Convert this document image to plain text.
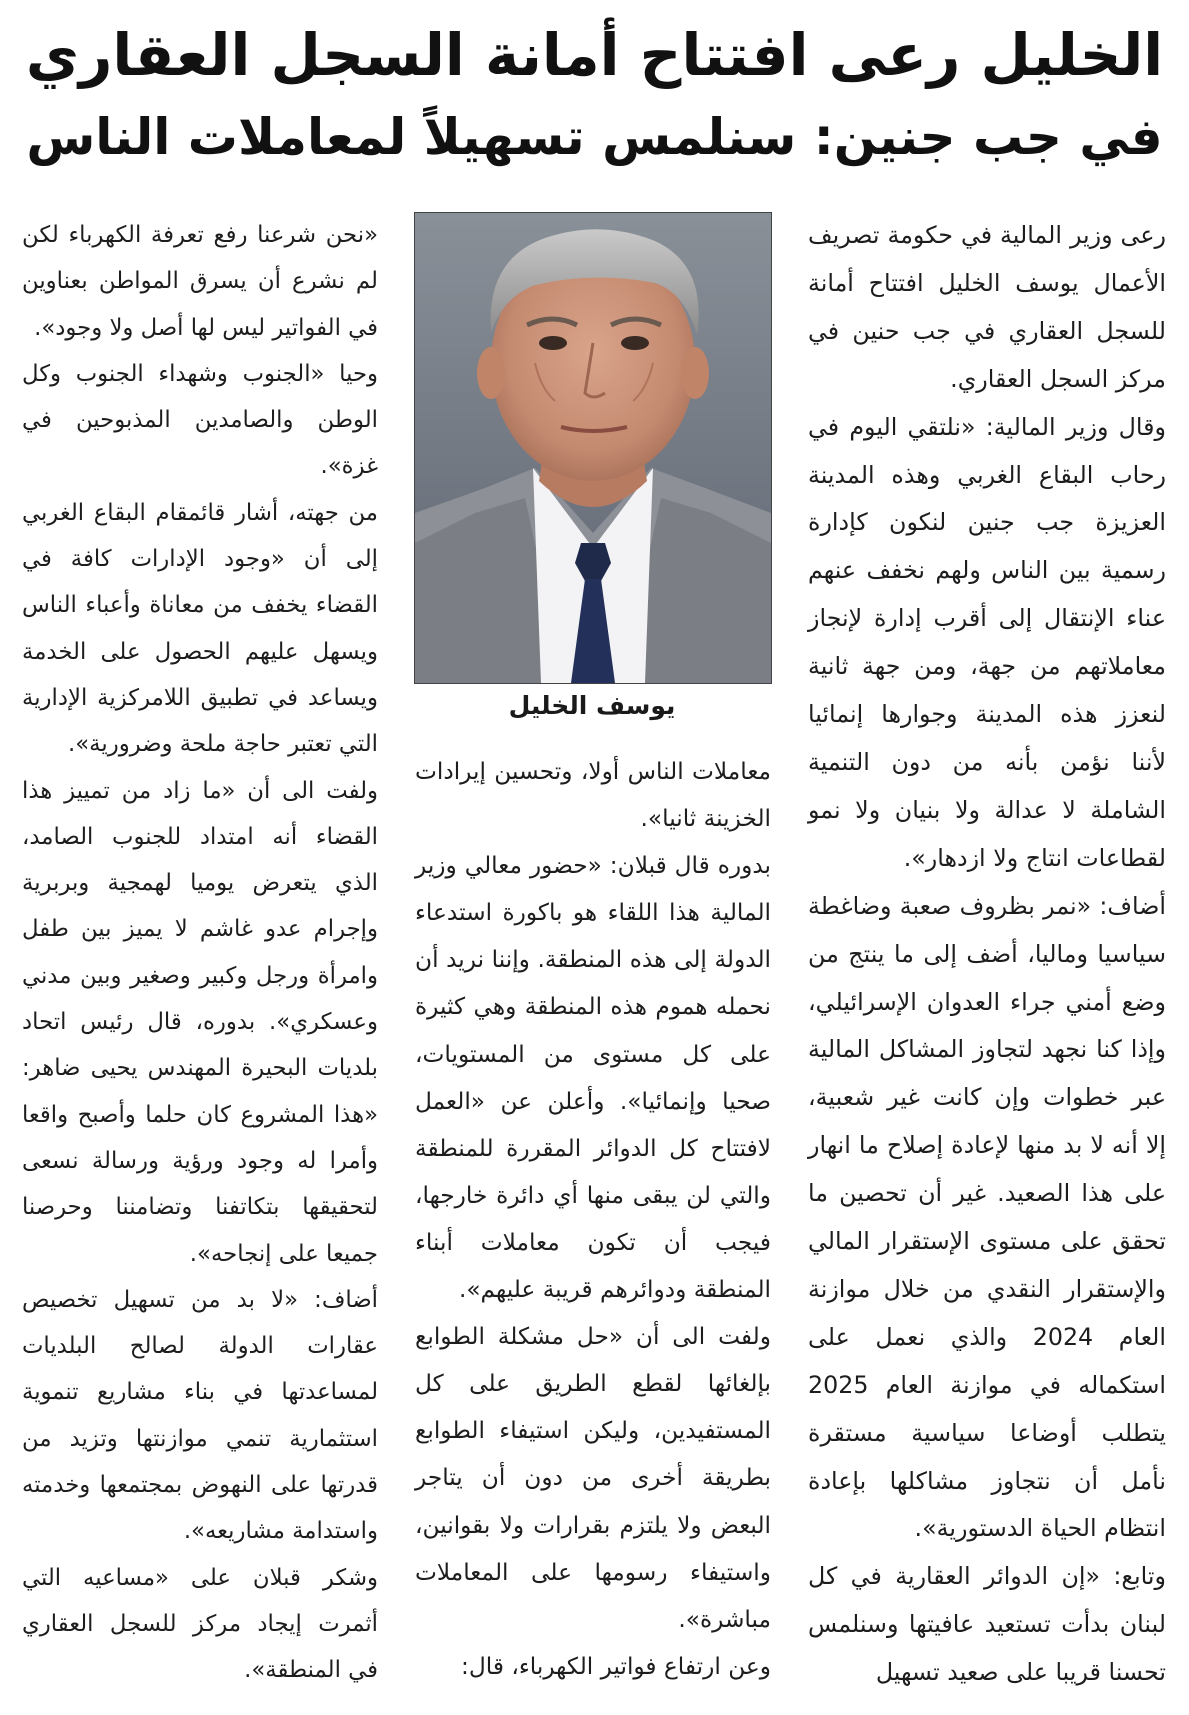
الخليل رعى افتتاح أمانة السجل العقاري
في جب جنين: سنلمس تسهيلاً لمعاملات الناس

رعى وزير المالية في حكومة تصريف الأعمال يوسف الخليل افتتاح أمانة للسجل العقاري في جب حنين في مركز السجل العقاري.

وقال وزير المالية: «نلتقي اليوم في رحاب البقاع الغربي وهذه المدينة العزيزة جب جنين لنكون كإدارة رسمية بين الناس ولهم نخفف عنهم عناء الإنتقال إلى أقرب إدارة لإنجاز معاملاتهم من جهة، ومن جهة ثانية لنعزز هذه المدينة وجوارها إنمائيا لأننا نؤمن بأنه من دون التنمية الشاملة لا عدالة ولا بنيان ولا نمو لقطاعات انتاج ولا ازدهار».

أضاف: «نمر بظروف صعبة وضاغطة سياسيا وماليا، أضف إلى ما ينتج من وضع أمني جراء العدوان الإسرائيلي، وإذا كنا نجهد لتجاوز المشاكل المالية عبر خطوات وإن كانت غير شعبية، إلا أنه لا بد منها لإعادة إصلاح ما انهار على هذا الصعيد. غير أن تحصين ما تحقق على مستوى الإستقرار المالي والإستقرار النقدي من خلال موازنة العام 2024 والذي نعمل على استكماله في موازنة العام 2025 يتطلب أوضاعا سياسية مستقرة نأمل أن نتجاوز مشاكلها بإعادة انتظام الحياة الدستورية».

وتابع: «إن الدوائر العقارية في كل لبنان بدأت تستعيد عافيتها وسنلمس تحسنا قريبا على صعيد تسهيل

يوسف الخليل

معاملات الناس أولا، وتحسين إيرادات الخزينة ثانيا».

بدوره قال قبلان: «حضور معالي وزير المالية هذا اللقاء هو باكورة استدعاء الدولة إلى هذه المنطقة. وإننا نريد أن نحمله هموم هذه المنطقة وهي كثيرة على كل مستوى من المستويات، صحيا وإنمائيا». وأعلن عن «العمل لافتتاح كل الدوائر المقررة للمنطقة والتي لن يبقى منها أي دائرة خارجها، فيجب أن تكون معاملات أبناء المنطقة ودوائرهم قريبة عليهم».

ولفت الى أن «حل مشكلة الطوابع بإلغائها لقطع الطريق على كل المستفيدين، وليكن استيفاء الطوابع بطريقة أخرى من دون أن يتاجر البعض ولا يلتزم بقرارات ولا بقوانين، واستيفاء رسومها على المعاملات مباشرة».

وعن ارتفاع فواتير الكهرباء، قال:

«نحن شرعنا رفع تعرفة الكهرباء لكن لم نشرع أن يسرق المواطن بعناوين في الفواتير ليس لها أصل ولا وجود».

وحيا «الجنوب وشهداء الجنوب وكل الوطن والصامدين المذبوحين في غزة».

من جهته، أشار قائمقام البقاع الغربي إلى أن «وجود الإدارات كافة في القضاء يخفف من معاناة وأعباء الناس ويسهل عليهم الحصول على الخدمة ويساعد في تطبيق اللامركزية الإدارية التي تعتبر حاجة ملحة وضرورية».

ولفت الى أن «ما زاد من تمييز هذا القضاء أنه امتداد للجنوب الصامد، الذي يتعرض يوميا لهمجية وبربرية وإجرام عدو غاشم لا يميز بين طفل وامرأة ورجل وكبير وصغير وبين مدني وعسكري». بدوره، قال رئيس اتحاد بلديات البحيرة المهندس يحيى ضاهر: «هذا المشروع كان حلما وأصبح واقعا وأمرا له وجود ورؤية ورسالة نسعى لتحقيقها بتكاتفنا وتضامننا وحرصنا جميعا على إنجاحه».

أضاف: «لا بد من تسهيل تخصيص عقارات الدولة لصالح البلديات لمساعدتها في بناء مشاريع تنموية استثمارية تنمي موازنتها وتزيد من قدرتها على النهوض بمجتمعها وخدمته واستدامة مشاريعه».

وشكر قبلان على «مساعيه التي أثمرت إيجاد مركز للسجل العقاري في المنطقة».
